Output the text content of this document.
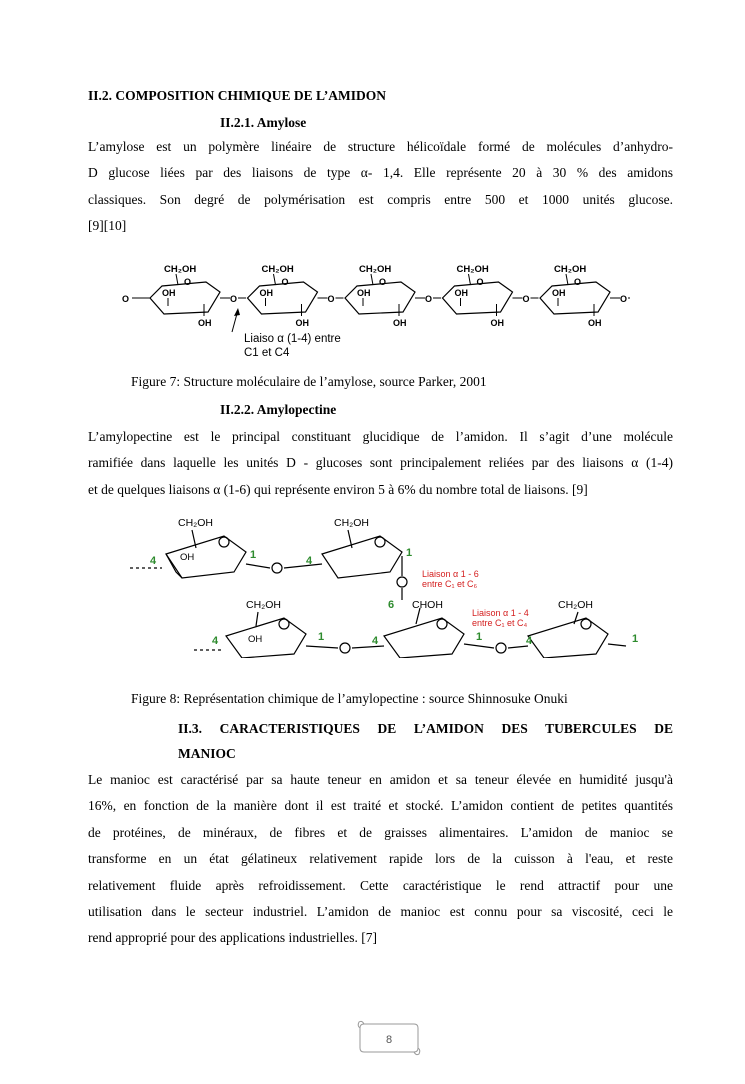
II.2. COMPOSITION CHIMIQUE DE L’AMIDON
II.2.1. Amylose
L’amylose est un polymère linéaire de structure hélicoïdale formé de molécules d’anhydro-
D glucose liées par des liaisons de type α- 1,4. Elle représente 20 à 30 % des amidons
classiques. Son degré de polymérisation est compris entre 500 et 1000 unités glucose.
[9][10]
CH₂OH
O
OH
OH
O
CH₂OH
O
OH
OH
O
CH₂OH
O
OH
OH
O
CH₂OH
O
OH
OH
O
CH₂OH
O
OH
OH
O
O
Liaiso α (1-4) entre
C1 et C4
Figure 7: Structure moléculaire de l’amylose, source Parker, 2001
II.2.2. Amylopectine
L’amylopectine est le principal constituant glucidique de l’amidon. Il s’agit d’une molécule
ramifiée dans laquelle les unités D - glucoses sont principalement reliées par des liaisons α (1-4)
et de quelques liaisons α (1-6) qui représente environ 5 à 6% du nombre total de liaisons. [9]
CH₂OH	CH₂OH
CH₂OH	CH₂OH
CHOH
OH
OH
4	1	4
1
6
4	1	4	1	4	1
Liaison α 1 - 6
entre C₁ et C₆
Liaison α 1 - 4
entre C₁ et C₄
Figure 8: Représentation chimique de l’amylopectine : source Shinnosuke Onuki
II.3. CARACTERISTIQUES DE L’AMIDON DES TUBERCULES DE
MANIOC
Le manioc est caractérisé par sa haute teneur en amidon et sa teneur élevée en humidité jusqu'à
16%, en fonction de la manière dont il est traité et stocké. L’amidon contient de petites quantités
de protéines, de minéraux, de fibres et de graisses alimentaires. L’amidon de manioc se
transforme en un état gélatineux relativement rapide lors de la cuisson à l'eau, et reste
relativement fluide après refroidissement. Cette caractéristique le rend attractif pour une
utilisation dans le secteur industriel. L’amidon de manioc est connu pour sa viscosité, ceci le
rend approprié pour des applications industrielles. [7]
8
